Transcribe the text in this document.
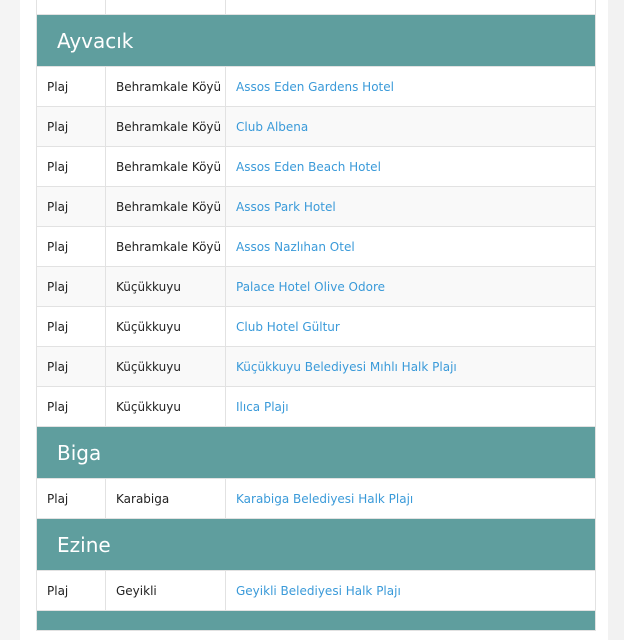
Ayvacık
Plaj	Behramkale Köyü	Assos Eden Gardens Hotel
Plaj	Behramkale Köyü	Club Albena
Plaj	Behramkale Köyü	Assos Eden Beach Hotel
Plaj	Behramkale Köyü	Assos Park Hotel
Plaj	Behramkale Köyü	Assos Nazlıhan Otel
Plaj	Küçükkuyu	Palace Hotel Olive Odore
Plaj	Küçükkuyu	Club Hotel Gültur
Plaj	Küçükkuyu	Küçükkuyu Belediyesi Mıhlı Halk Plajı
Plaj	Küçükkuyu	Ilıca Plajı
Biga
Plaj	Karabiga	Karabiga Belediyesi Halk Plajı
Ezine
Plaj	Geyikli	Geyikli Belediyesi Halk Plajı
